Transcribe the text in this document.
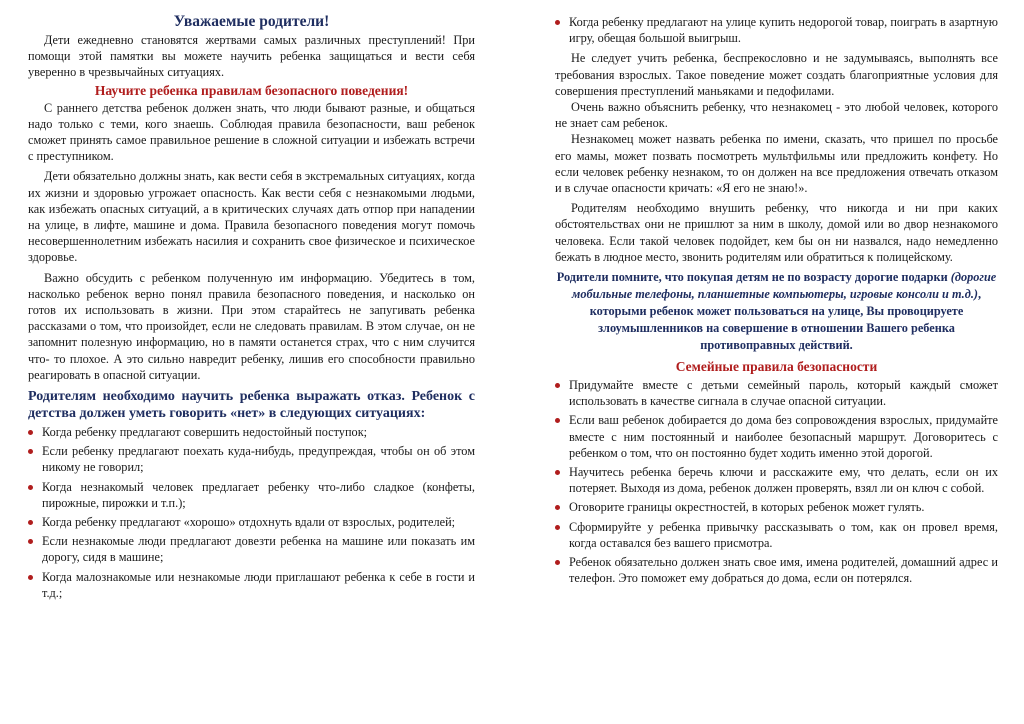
Уважаемые родители!

Дети ежедневно становятся жертвами самых различных преступлений! При помощи этой памятки вы можете научить ребенка защищаться и вести себя уверенно в чрезвычайных ситуациях.

Научите ребенка правилам безопасного поведения!

С раннего детства ребенок должен знать, что люди бывают разные, и общаться надо только с теми, кого знаешь. Соблюдая правила безопасности, ваш ребенок сможет принять самое правильное решение в сложной ситуации и избежать встречи с преступником.

Дети обязательно должны знать, как вести себя в экстремальных ситуациях, когда их жизни и здоровью угрожает опасность. Как вести себя с незнакомыми людьми, как избежать опасных ситуаций, а в критических случаях дать отпор при нападении на улице, в лифте, машине и дома. Правила безопасного поведения могут помочь несовершеннолетним избежать насилия и сохранить свое физическое и психическое здоровье.

Важно обсудить с ребенком полученную им информацию. Убедитесь в том, насколько ребенок верно понял правила безопасного поведения, и насколько он готов их использовать в жизни. При этом старайтесь не запугивать ребенка рассказами о том, что произойдет, если не следовать правилам. В этом случае, он не запомнит полезную информацию, но в памяти останется страх, что с ним случится что- то плохое. А это сильно навредит ребенку, лишив его способности правильно реагировать в опасной ситуации.

Родителям необходимо научить ребенка выражать отказ. Ребенок с детства должен уметь говорить «нет» в следующих ситуациях:

Когда ребенку предлагают совершить недостойный поступок;
Если ребенку предлагают поехать куда-нибудь, предупреждая, чтобы он об этом никому не говорил;
Когда незнакомый человек предлагает ребенку что-либо сладкое (конфеты, пирожные, пирожки и т.п.);
Когда ребенку предлагают «хорошо» отдохнуть вдали от взрослых, родителей;
Если незнакомые люди предлагают довезти ребенка на машине или показать им дорогу, сидя в машине;
Когда малознакомые или незнакомые люди приглашают ребенка к себе в гости и т.д.;
Когда ребенку предлагают на улице купить недорогой товар, поиграть в азартную игру, обещая большой выигрыш.

Не следует учить ребенка, беспрекословно и не задумываясь, выполнять все требования взрослых. Такое поведение может создать благоприятные условия для совершения преступлений маньяками и педофилами.

Очень важно объяснить ребенку, что незнакомец - это любой человек, которого не знает сам ребенок.

Незнакомец может назвать ребенка по имени, сказать, что пришел по просьбе его мамы, может позвать посмотреть мультфильмы или предложить конфету. Но если человек ребенку незнаком, то он должен на все предложения отвечать отказом и в случае опасности кричать: «Я его не знаю!».

Родителям необходимо внушить ребенку, что никогда и ни при каких обстоятельствах они не пришлют за ним в школу, домой или во двор незнакомого человека. Если такой человек подойдет, кем бы он ни назвался, надо немедленно бежать в людное место, звонить родителям или обратиться к полицейскому.

Родители помните, что покупая детям не по возрасту дорогие подарки (дорогие мобильные телефоны, планшетные компьютеры, игровые консоли и т.д.), которыми ребенок может пользоваться на улице, Вы провоцируете злоумышленников на совершение в отношении Вашего ребенка противоправных действий.

Семейные правила безопасности
Придумайте вместе с детьми семейный пароль, который каждый сможет использовать в качестве сигнала в случае опасной ситуации.
Если ваш ребенок добирается до дома без сопровождения взрослых, придумайте вместе с ним постоянный и наиболее безопасный маршрут. Договоритесь с ребенком о том, что он постоянно будет ходить именно этой дорогой.
Научитесь ребенка беречь ключи и расскажите ему, что делать, если он их потеряет. Выходя из дома, ребенок должен проверять, взял ли он ключ с собой.
Оговорите границы окрестностей, в которых ребенок может гулять.
Сформируйте у ребенка привычку рассказывать о том, как он провел время, когда оставался без вашего присмотра.
Ребенок обязательно должен знать свое имя, имена родителей, домашний адрес и телефон. Это поможет ему добраться до дома, если он потерялся.
